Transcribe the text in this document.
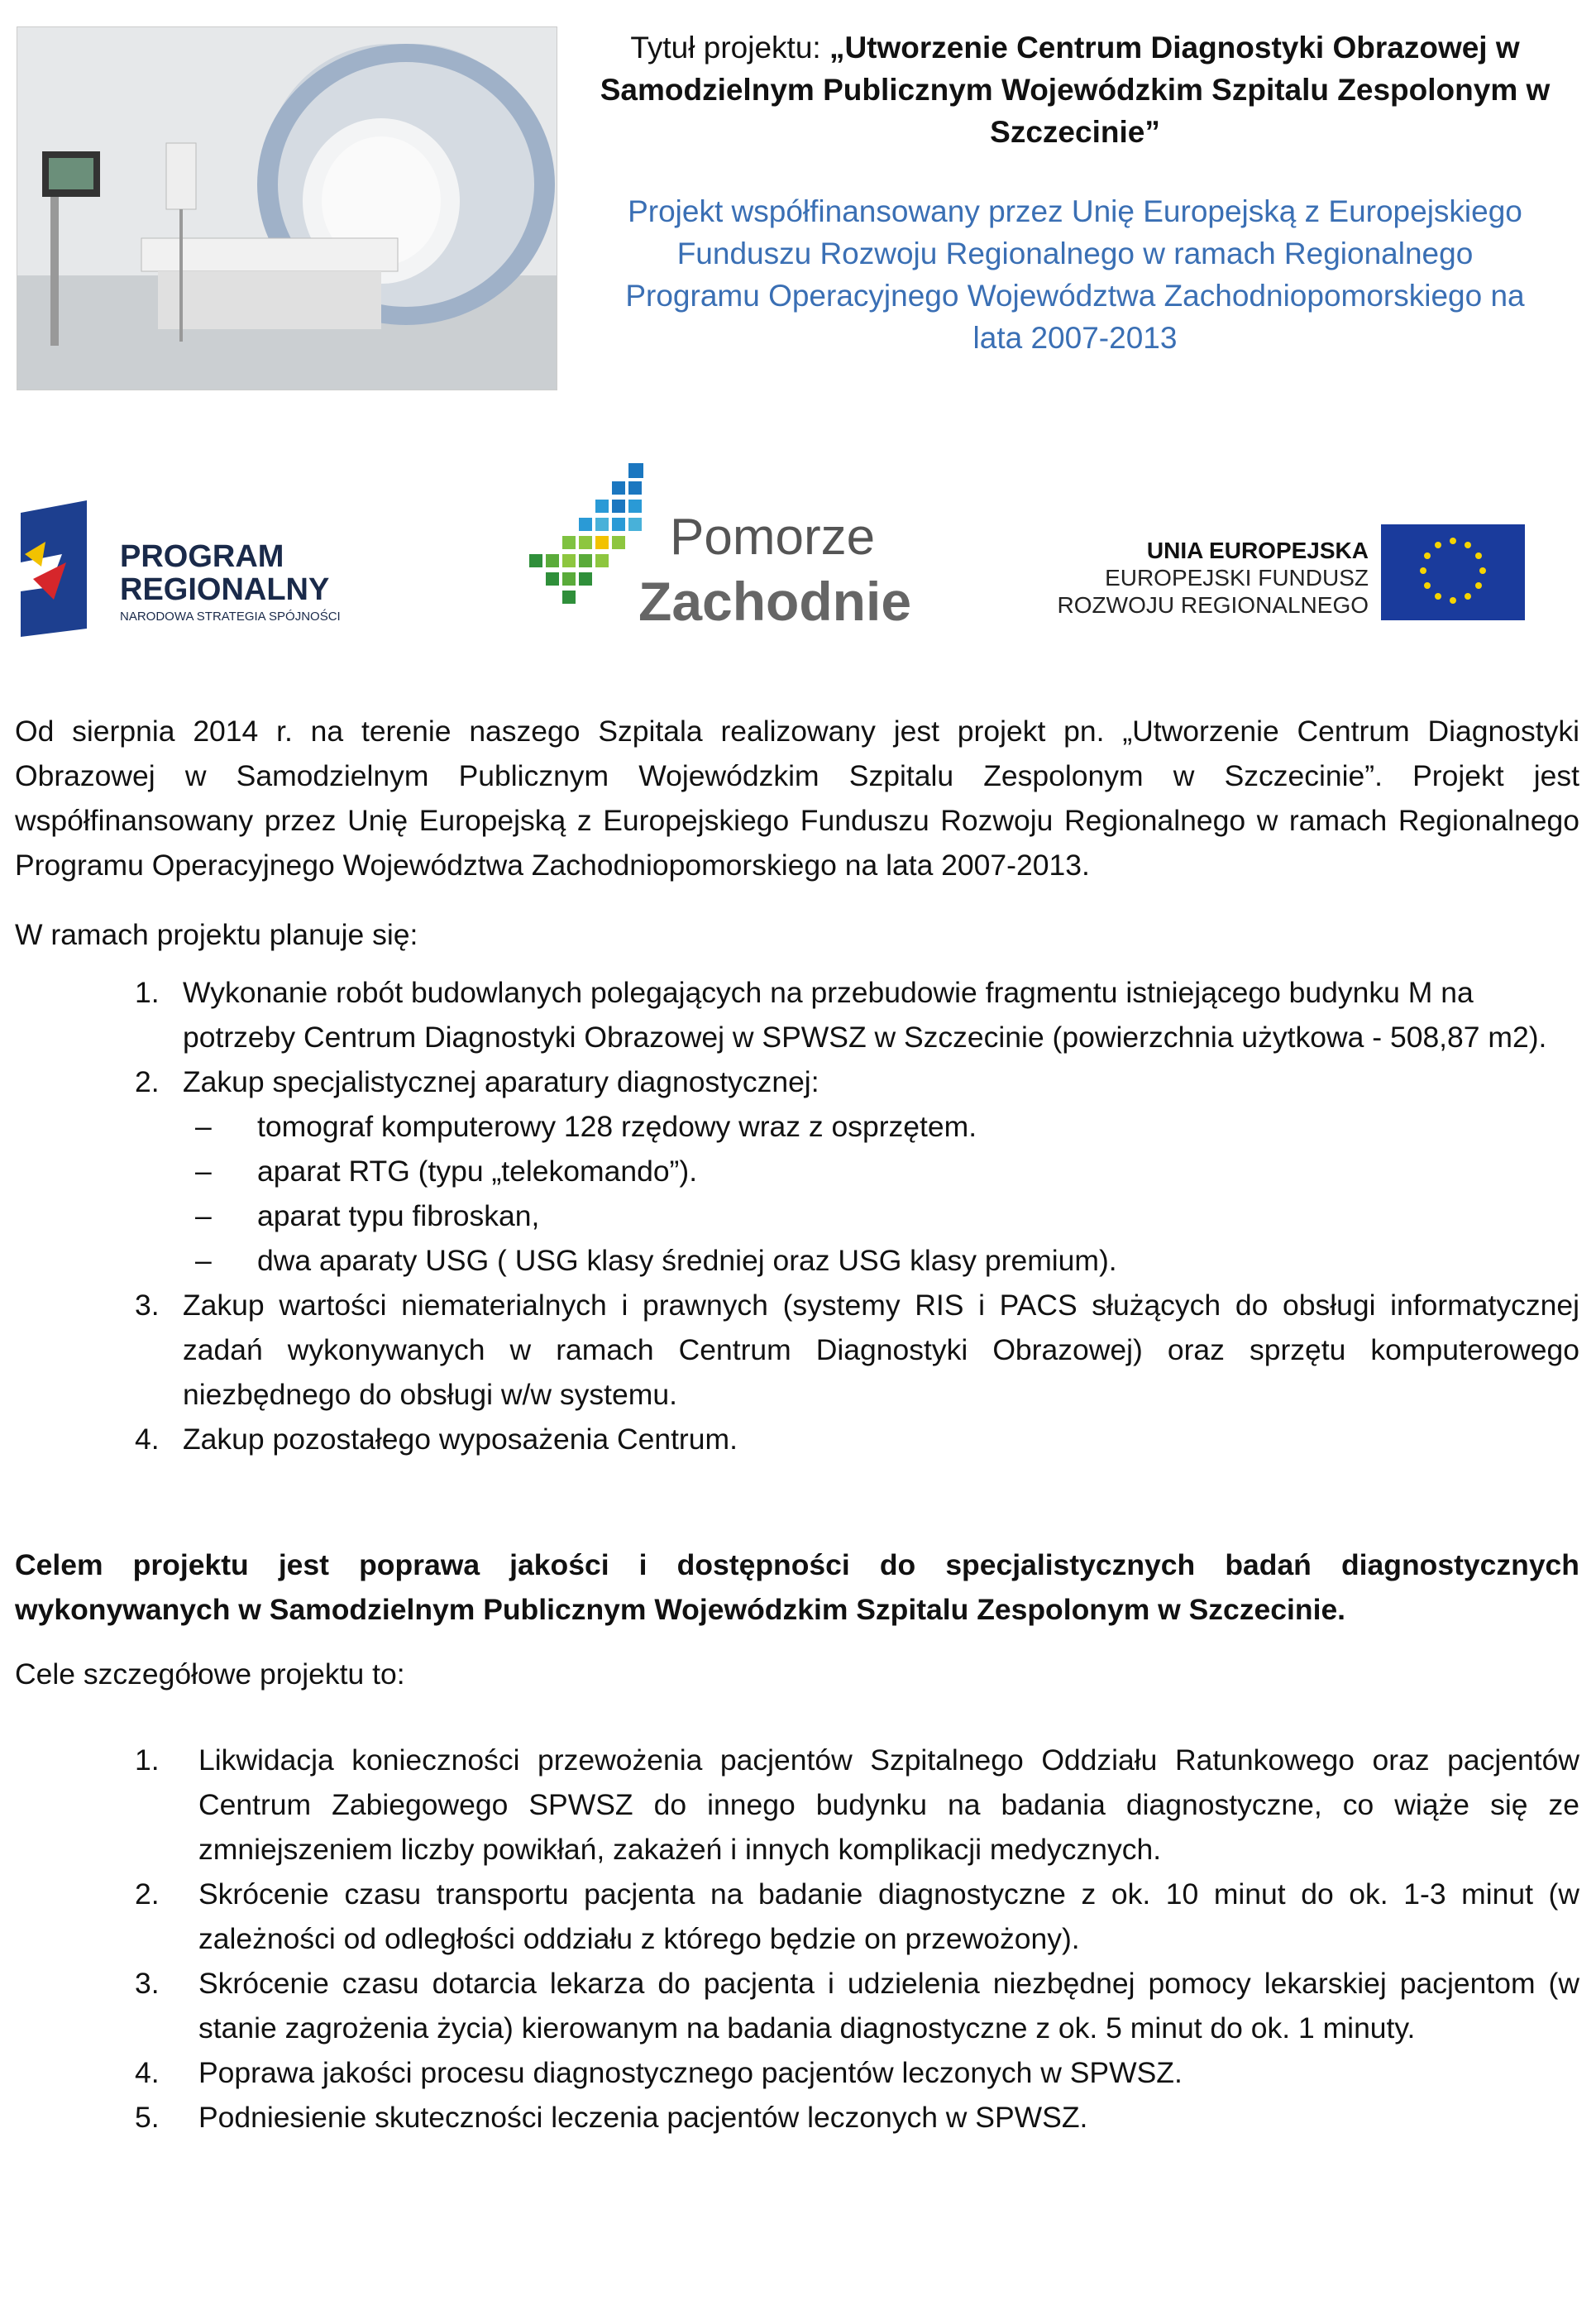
Tytuł projektu: „Utworzenie Centrum Diagnostyki Obrazowej w
Samodzielnym Publicznym Wojewódzkim Szpitalu Zespolonym w
Szczecinie”
Projekt współfinansowany przez Unię Europejską z Europejskiego
Funduszu Rozwoju Regionalnego w ramach Regionalnego
Programu Operacyjnego Województwa Zachodniopomorskiego na
lata 2007-2013
PROGRAM
REGIONALNY
NARODOWA STRATEGIA SPÓJNOŚCI
Pomorze
Zachodnie
UNIA EUROPEJSKA
EUROPEJSKI FUNDUSZ
ROZWOJU REGIONALNEGO

Od sierpnia 2014 r. na terenie naszego Szpitala realizowany jest projekt pn. „Utworzenie Centrum Diagnostyki Obrazowej w Samodzielnym Publicznym Wojewódzkim Szpitalu Zespolonym w Szczecinie”. Projekt jest współfinansowany przez Unię Europejską z Europejskiego Funduszu Rozwoju Regionalnego w ramach Regionalnego Programu Operacyjnego Województwa Zachodniopomorskiego na lata 2007-2013.

W ramach projektu planuje się:

1. Wykonanie robót budowlanych polegających na przebudowie fragmentu istniejącego budynku M na potrzeby Centrum Diagnostyki Obrazowej w SPWSZ w Szczecinie (powierzchnia użytkowa - 508,87 m2).
2. Zakup specjalistycznej aparatury diagnostycznej:
– tomograf komputerowy 128 rzędowy wraz z osprzętem.
– aparat RTG (typu „telekomando”).
– aparat typu fibroskan,
– dwa aparaty USG ( USG klasy średniej oraz USG klasy premium).
3. Zakup wartości niematerialnych i prawnych (systemy RIS i PACS służących do obsługi informatycznej zadań wykonywanych w ramach Centrum Diagnostyki Obrazowej) oraz sprzętu komputerowego niezbędnego do obsługi w/w systemu.
4. Zakup pozostałego wyposażenia Centrum.

Celem projektu jest poprawa jakości i dostępności do specjalistycznych badań diagnostycznych wykonywanych w Samodzielnym Publicznym Wojewódzkim Szpitalu Zespolonym w Szczecinie.

Cele szczegółowe projektu to:

1. Likwidacja konieczności przewożenia pacjentów Szpitalnego Oddziału Ratunkowego oraz pacjentów Centrum Zabiegowego SPWSZ do innego budynku na badania diagnostyczne, co wiąże się ze zmniejszeniem liczby powikłań, zakażeń i innych komplikacji medycznych.
2. Skrócenie czasu transportu pacjenta na badanie diagnostyczne z ok. 10 minut do ok. 1-3 minut (w zależności od odległości oddziału z którego będzie on przewożony).
3. Skrócenie czasu dotarcia lekarza do pacjenta i udzielenia niezbędnej pomocy lekarskiej pacjentom (w stanie zagrożenia życia) kierowanym na badania diagnostyczne z ok. 5 minut do ok. 1 minuty.
4. Poprawa jakości procesu diagnostycznego pacjentów leczonych w SPWSZ.
5. Podniesienie skuteczności leczenia pacjentów leczonych w SPWSZ.
